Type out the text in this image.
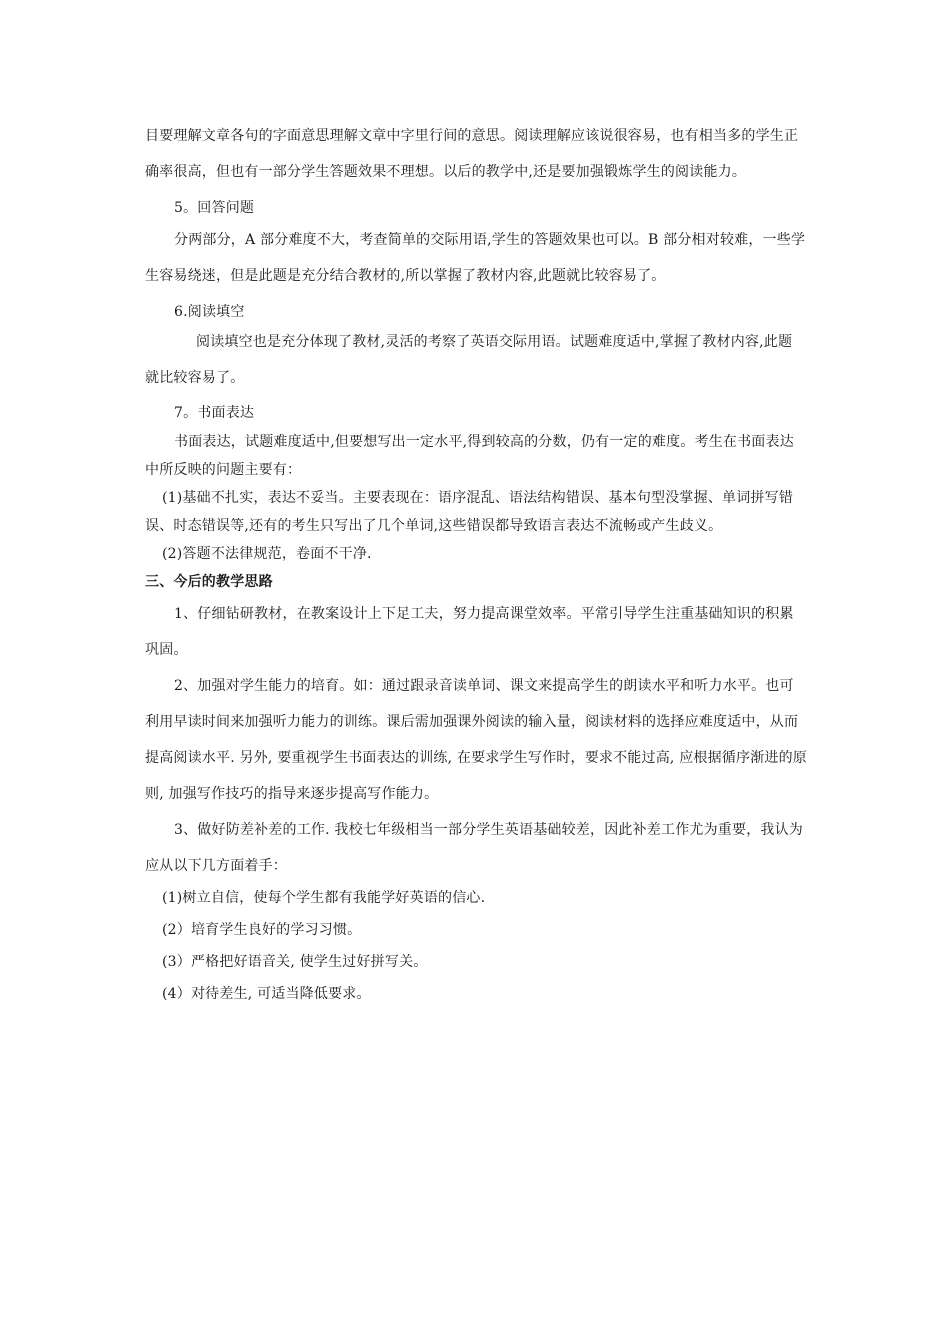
目要理解文章各句的字面意思理解文章中字里行间的意思。阅读理解应该说很容易，也有相当多的学生正
确率很高，但也有一部分学生答题效果不理想。以后的教学中,还是要加强锻炼学生的阅读能力。
5。回答问题
分两部分，A 部分难度不大，考查简单的交际用语,学生的答题效果也可以。B 部分相对较难，一些学
生容易绕迷，但是此题是充分结合教材的,所以掌握了教材内容,此题就比较容易了。
6.阅读填空
阅读填空也是充分体现了教材,灵活的考察了英语交际用语。试题难度适中,掌握了教材内容,此题
就比较容易了。
7。书面表达
书面表达，试题难度适中,但要想写出一定水平,得到较高的分数，仍有一定的难度。考生在书面表达
中所反映的问题主要有：
(1)基础不扎实，表达不妥当。主要表现在：语序混乱、语法结构错误、基本句型没掌握、单词拼写错
误、时态错误等,还有的考生只写出了几个单词,这些错误都导致语言表达不流畅或产生歧义。
(2)答题不法律规范，卷面不干净.
三、今后的教学思路
1、仔细钻研教材，在教案设计上下足工夫，努力提高课堂效率。平常引导学生注重基础知识的积累
巩固。
2、加强对学生能力的培育。如：通过跟录音读单词、课文来提高学生的朗读水平和听力水平。也可
利用早读时间来加强听力能力的训练。课后需加强课外阅读的输入量，阅读材料的选择应难度适中，从而
提高阅读水平. 另外, 要重视学生书面表达的训练, 在要求学生写作时，要求不能过高, 应根据循序渐进的原
则, 加强写作技巧的指导来逐步提高写作能力。
3、做好防差补差的工作. 我校七年级相当一部分学生英语基础较差，因此补差工作尤为重要，我认为
应从以下几方面着手：
(1)树立自信，使每个学生都有我能学好英语的信心.
(2）培育学生良好的学习习惯。
(3）严格把好语音关, 使学生过好拼写关。
(4）对待差生, 可适当降低要求。
